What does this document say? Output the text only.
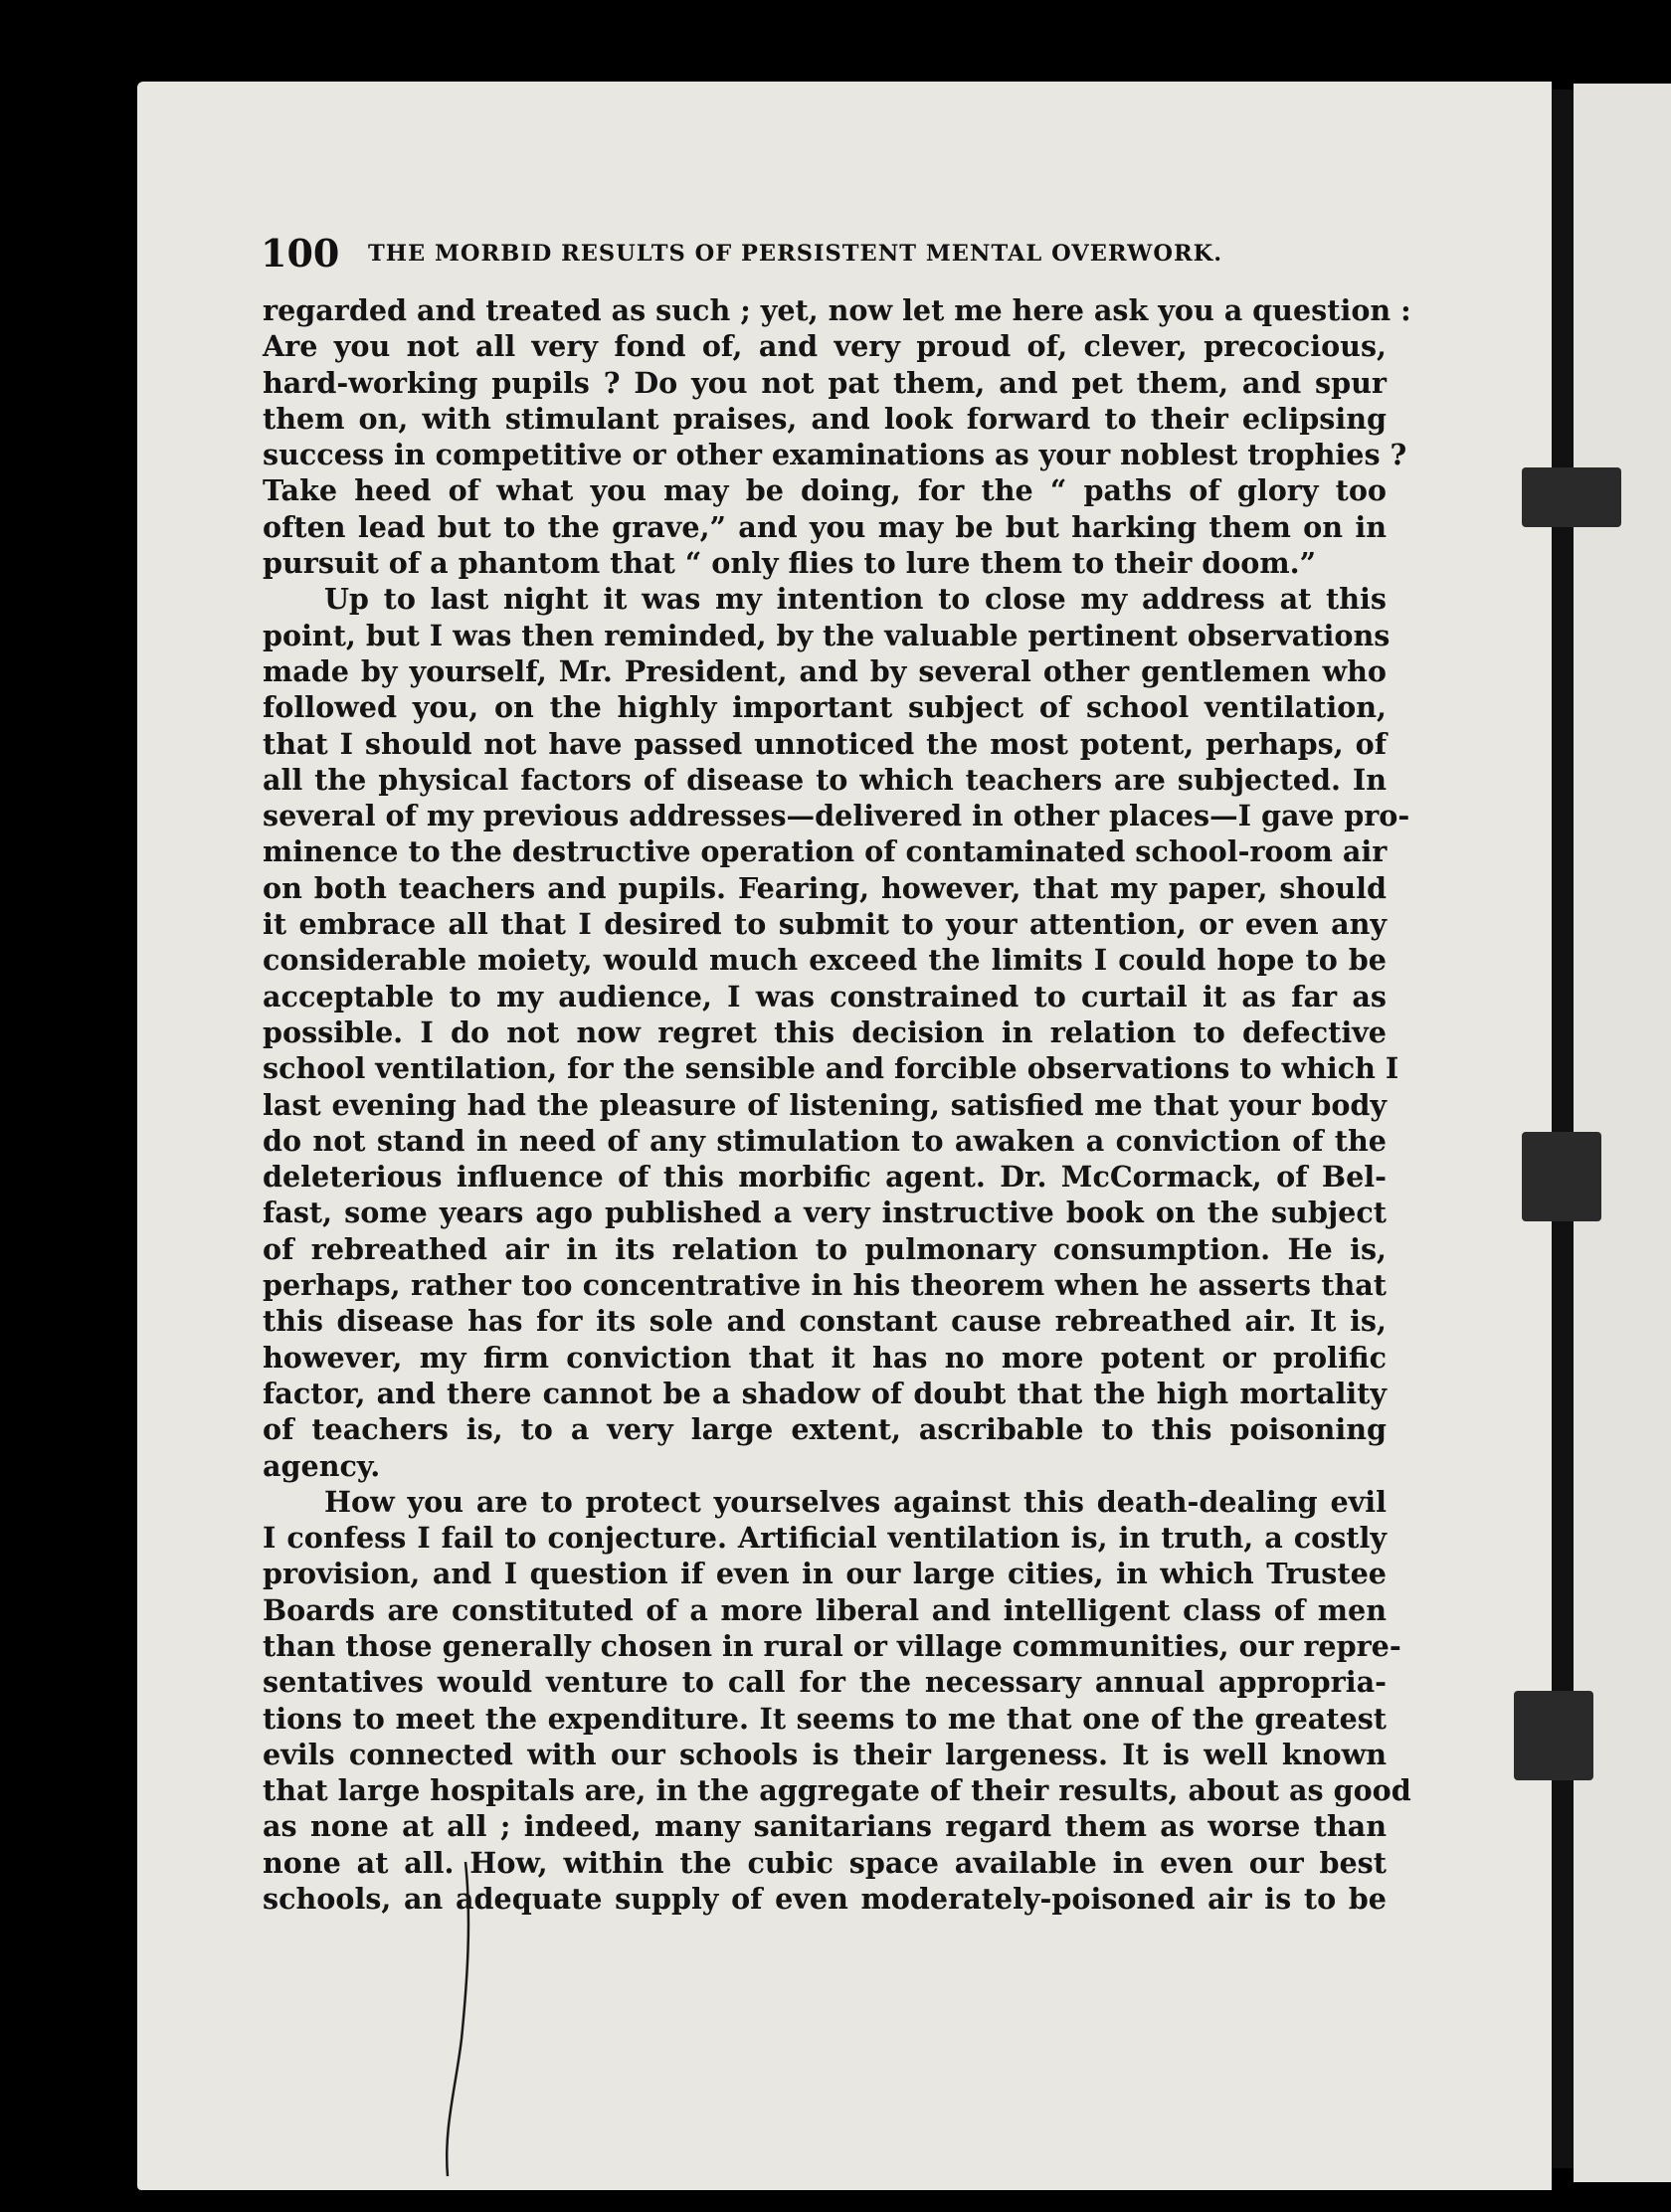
100 THE MORBID RESULTS OF PERSISTENT MENTAL OVERWORK.
regarded and treated as such ; yet, now let me here ask you a question :
Are you not all very fond of, and very proud of, clever, precocious,
hard-working pupils ? Do you not pat them, and pet them, and spur
them on, with stimulant praises, and look forward to their eclipsing
success in competitive or other examinations as your noblest trophies ?
Take heed of what you may be doing, for the “ paths of glory too
often lead but to the grave,” and you may be but harking them on in
pursuit of a phantom that “ only flies to lure them to their doom.”
Up to last night it was my intention to close my address at this
point, but I was then reminded, by the valuable pertinent observations
made by yourself, Mr. President, and by several other gentlemen who
followed you, on the highly important subject of school ventilation,
that I should not have passed unnoticed the most potent, perhaps, of
all the physical factors of disease to which teachers are subjected. In
several of my previous addresses—delivered in other places—I gave pro-
minence to the destructive operation of contaminated school-room air
on both teachers and pupils. Fearing, however, that my paper, should
it embrace all that I desired to submit to your attention, or even any
considerable moiety, would much exceed the limits I could hope to be
acceptable to my audience, I was constrained to curtail it as far as
possible. I do not now regret this decision in relation to defective
school ventilation, for the sensible and forcible observations to which I
last evening had the pleasure of listening, satisfied me that your body
do not stand in need of any stimulation to awaken a conviction of the
deleterious influence of this morbific agent. Dr. McCormack, of Bel-
fast, some years ago published a very instructive book on the subject
of rebreathed air in its relation to pulmonary consumption. He is,
perhaps, rather too concentrative in his theorem when he asserts that
this disease has for its sole and constant cause rebreathed air. It is,
however, my firm conviction that it has no more potent or prolific
factor, and there cannot be a shadow of doubt that the high mortality
of teachers is, to a very large extent, ascribable to this poisoning
agency.
How you are to protect yourselves against this death-dealing evil
I confess I fail to conjecture. Artificial ventilation is, in truth, a costly
provision, and I question if even in our large cities, in which Trustee
Boards are constituted of a more liberal and intelligent class of men
than those generally chosen in rural or village communities, our repre-
sentatives would venture to call for the necessary annual appropria-
tions to meet the expenditure. It seems to me that one of the greatest
evils connected with our schools is their largeness. It is well known
that large hospitals are, in the aggregate of their results, about as good
as none at all ; indeed, many sanitarians regard them as worse than
none at all. How, within the cubic space available in even our best
schools, an adequate supply of even moderately-poisoned air is to be
